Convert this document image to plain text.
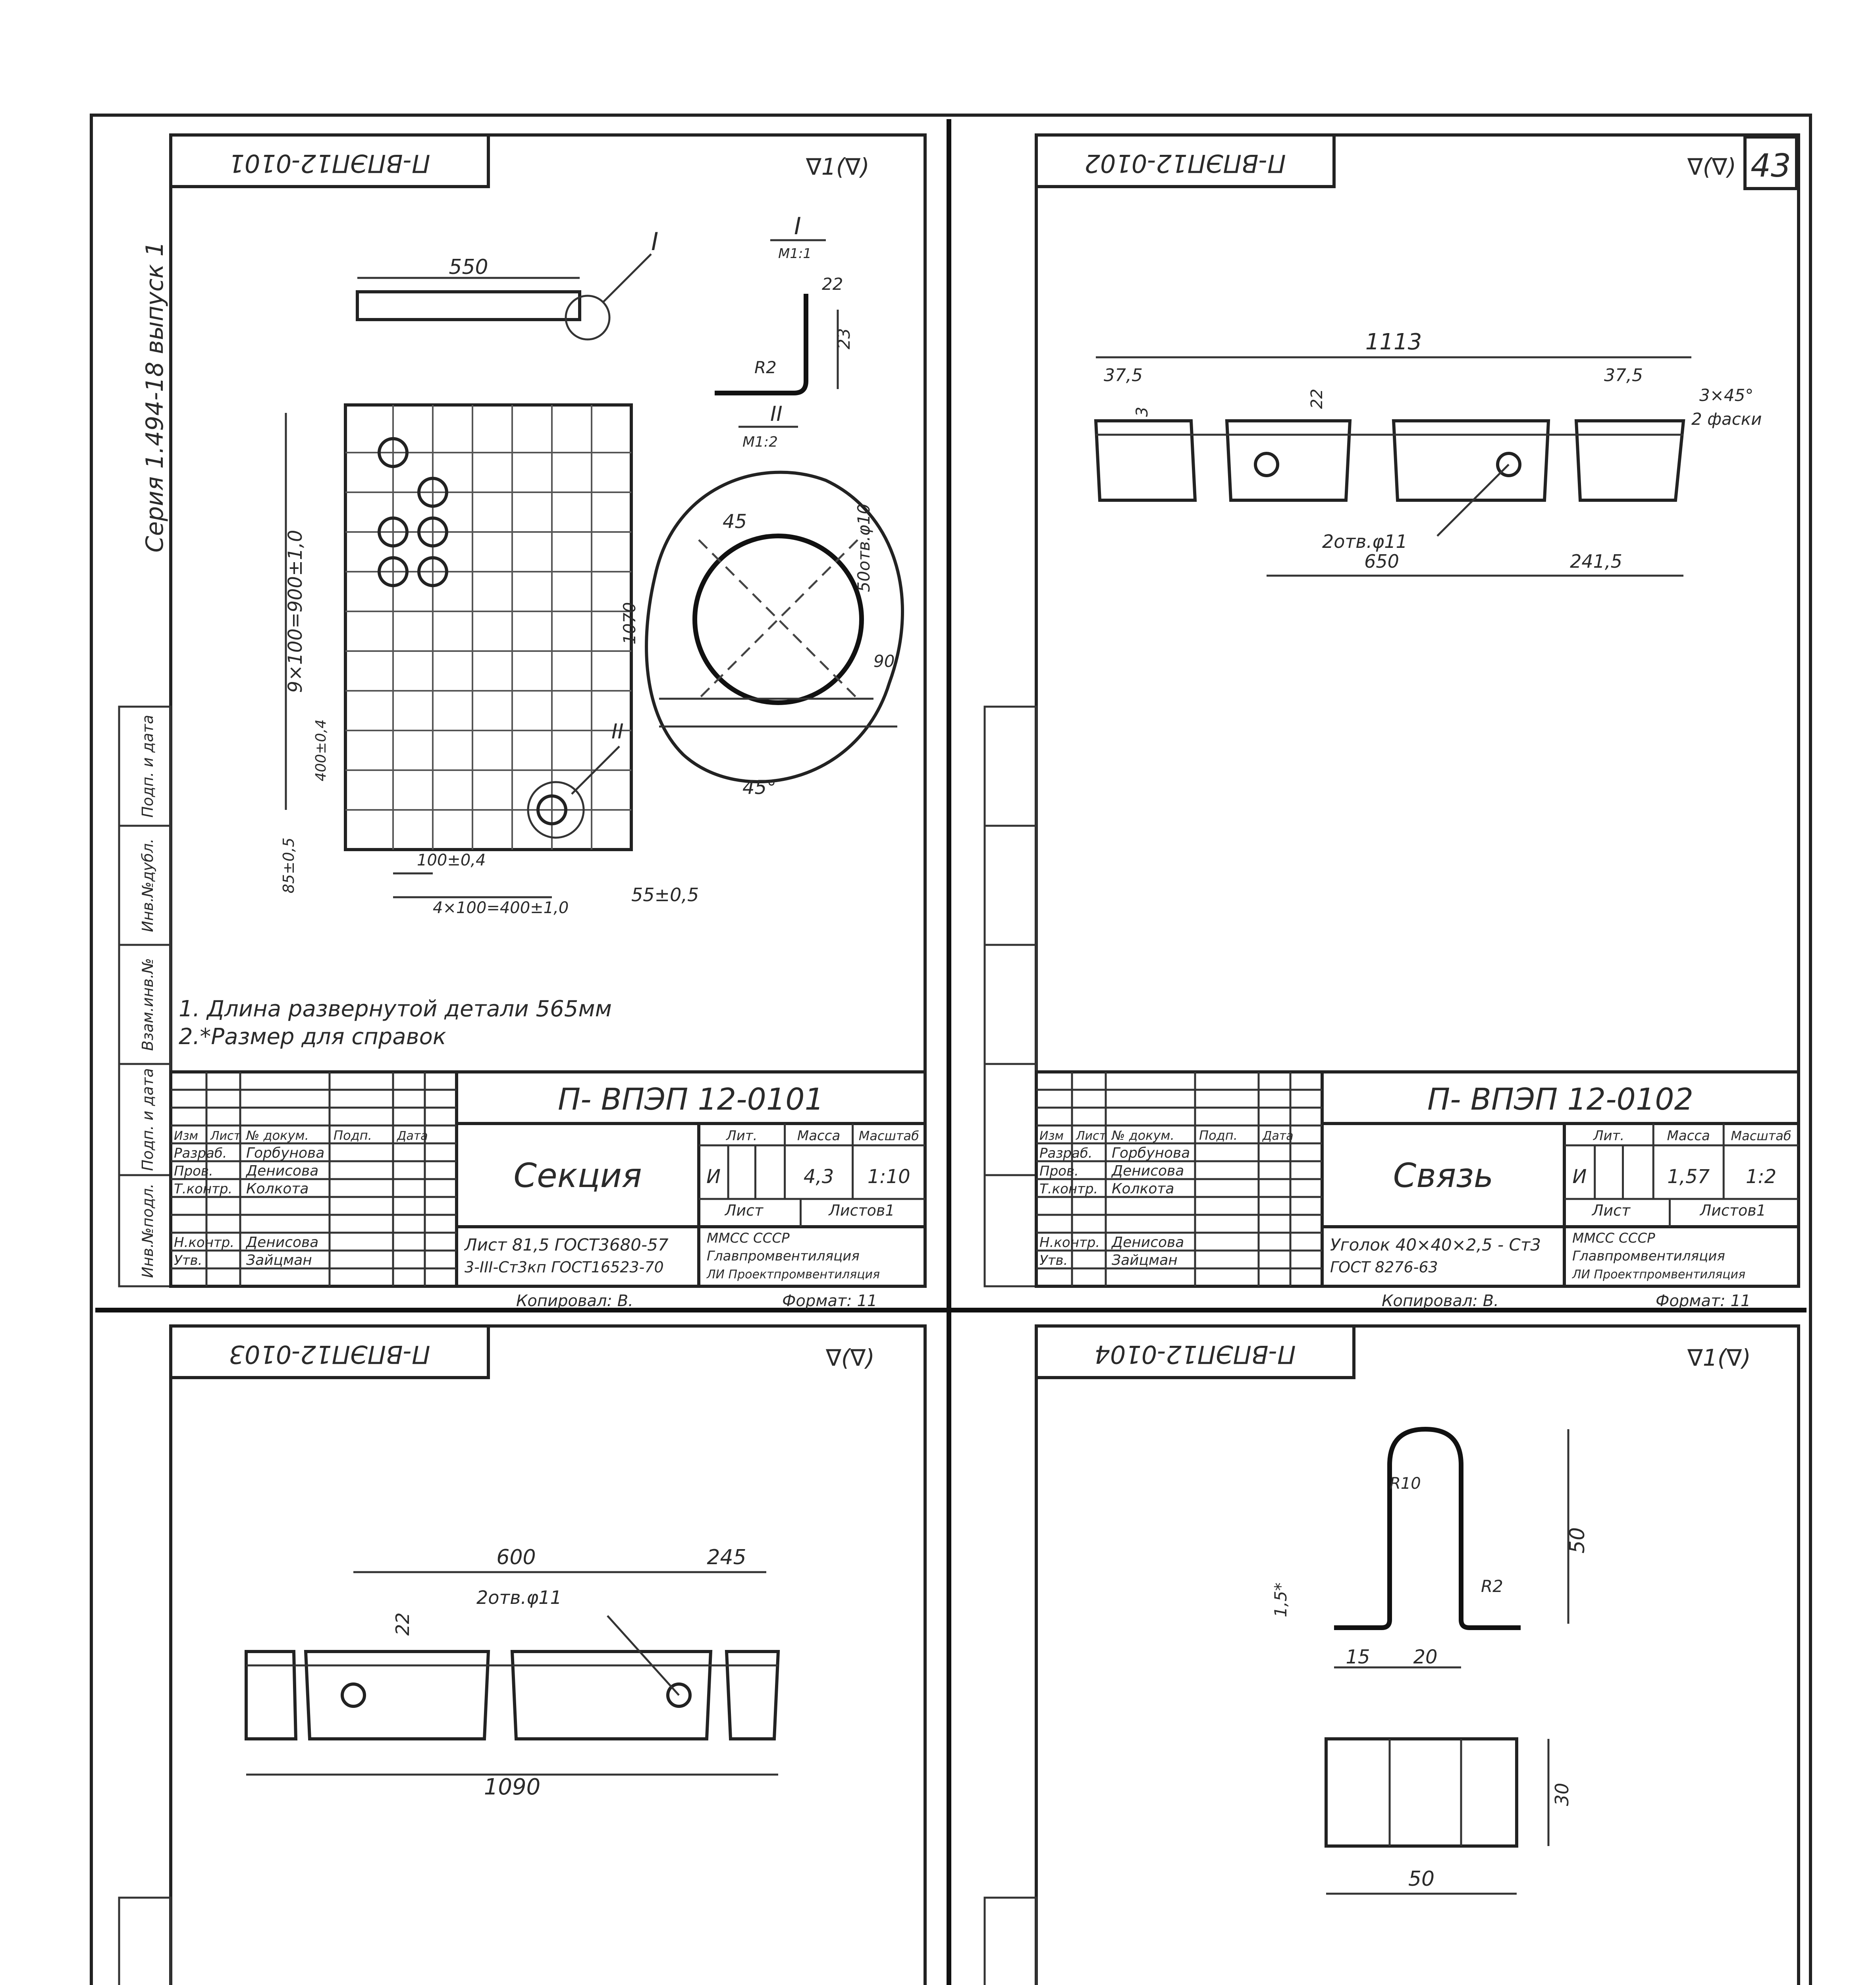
Серия 1.494-18 выпуск 1
43
П-ВПЭП12-0101	∇1(∇)
Подп. и дата
Инв.№дубл.
Взам.инв.№
Подп. и дата
Инв.№подл.
550
I
I
М1:1
22
23
R2
II
М1:2
II
9×100=900±1,0	1070
400±0,4
85±0,5	100±0,4
4×100=400±1,0
55±0,5
45
45°
50отв.φ10
90
1. Длина развернутой детали 565мм
2.*Размер для справок
П-ВПЭП12-0102	∇(∇)
1113
37,5	37,5
3×45°
2 фаски
22
3
2отв.φ11
650	241,5
П-ВПЭП12-0103	∇(∇)
600	245
2отв.φ11
22
1090
П-ВПЭП12-0104	∇1(∇)
R10
R2
50
1,5*
15 20
30
50
Изм Лист № докум. Подп. Дата
Разраб. Горбунова
Пров. Денисова
Т.контр. Колкота
Н.контр. Денисова
Утв.	Зайцман
П- ВПЭП 12-0101
Секция
Лит.	Масса Масштаб
И	4,3 1:10
Лист	Листов1
Лист 81,5 ГОСТ3680-57
3-III-Ст3кп ГОСТ16523-70
ММСС СССР
Главпромвентиляция
ЛИ Проектпромвентиляция
Копировал: В.	Формат: 11
Изм Лист № докум. Подп. Дата
Разраб. Горбунова
Пров. Денисова
Т.контр. Колкота
Н.контр. Денисова
Утв.	Зайцман
П- ВПЭП 12-0102
Связь
Лит.	Масса Масштаб
И	1,57 1:2
Лист	Листов1
Уголок 40×40×2,5 - Ст3
ГОСТ 8276-63
ММСС СССР
Главпромвентиляция
ЛИ Проектпромвентиляция
Копировал: В.	Формат: 11
